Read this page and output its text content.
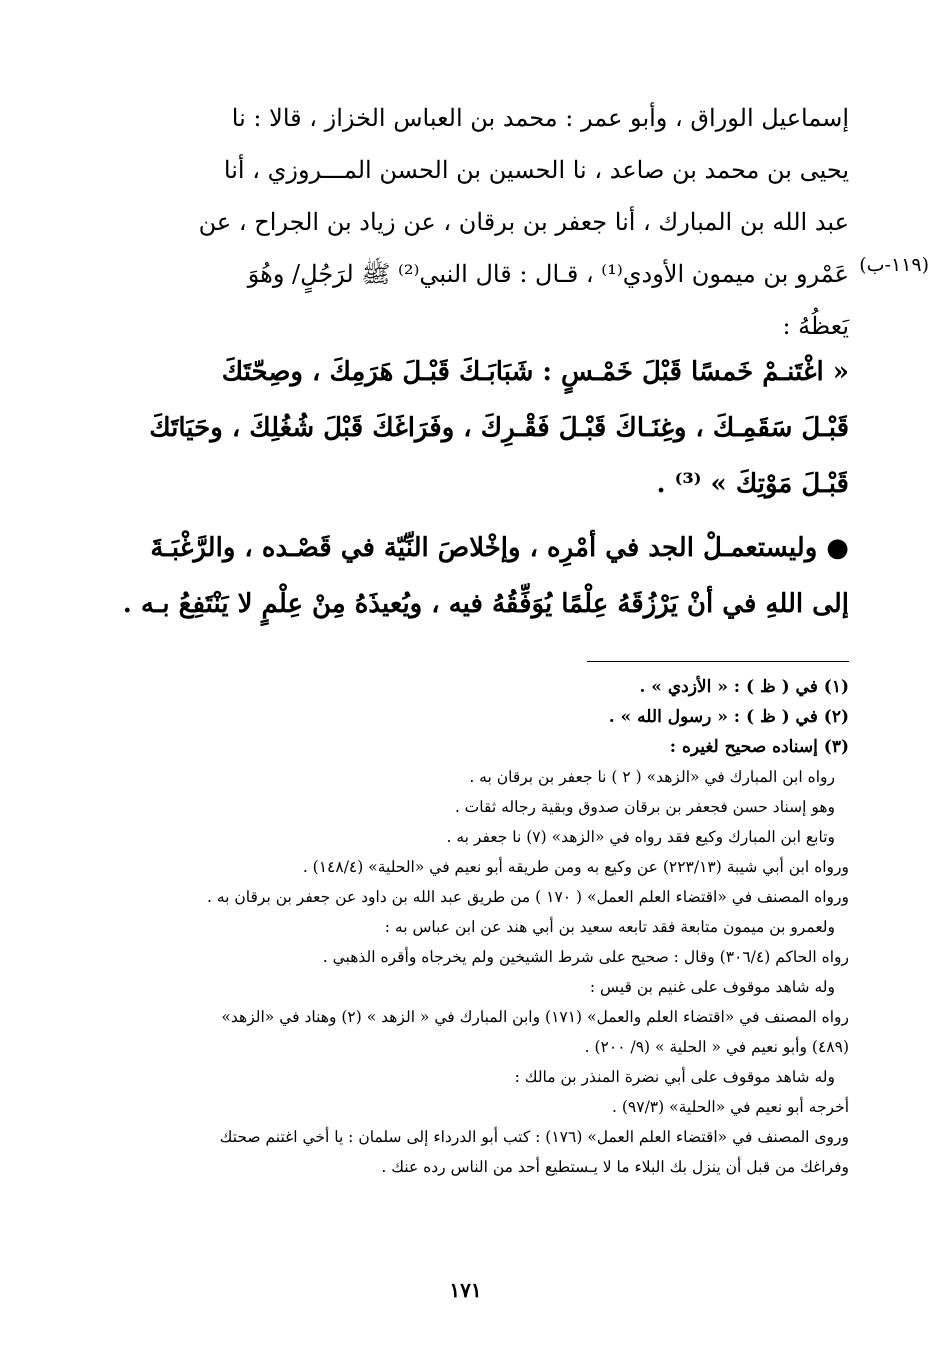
إسماعيل الوراق ، وأبو عمر : محمد بن العباس الخزاز ، قالا : نا
يحيى بن محمد بن صاعد ، نا الحسين بن الحسن المـــروزي ، أنا
عبد الله بن المبارك ، أنا جعفر بن برقان ، عن زياد بن الجراح ، عن
عَمْرو بن ميمون الأودي⁽¹⁾ ، قـال : قال النبي⁽²⁾ ﷺ لرَجُلٍ/ وهُوَ
يَعظُهُ :
(١١٩-ب)
« اغْتَنـمْ خَمسًا قَبْلَ خَمْـسٍ : شَبَابَـكَ قَبْـلَ هَرَمِكَ ، وصِحّتَكَ
قَبْـلَ سَقَمِـكَ ، وغِنَـاكَ قَبْـلَ فَقْـرِكَ ، وفَرَاغَكَ قَبْلَ شُغُلِكَ ، وحَيَاتَكَ
قَبْـلَ مَوْتِكَ » ⁽³⁾ .
● وليستعمـلْ الجد في أمْرِه ، وإخْلاصَ النِّيّة في قَصْـده ، والرَّغْبَـةَ
إلى اللهِ في أنْ يَرْزُقَهُ عِلْمًا يُوَفِّقُهُ فيه ، ويُعيذَهُ مِنْ عِلْمٍ لا يَنْتَفِعُ بـه .
(١) في ( ظ ) : « الأزدي » .
(٢) في ( ظ ) : « رسول الله » .
(٣) إسناده صحيح لغيره :
رواه ابن المبارك في «الزهد» ( ٢ ) نا جعفر بن برقان به .
وهو إسناد حسن فجعفر بن برقان صدوق وبقية رجاله ثقات .
وتابع ابن المبارك وكيع فقد رواه في «الزهد» (٧) نا جعفر به .
ورواه ابن أبي شيبة (٢٢٣/١٣) عن وكيع به ومن طريقه أبو نعيم في «الحلية» (١٤٨/٤) .
ورواه المصنف في «اقتضاء العلم العمل» ( ١٧٠ ) من طريق عبد الله بن داود عن جعفر بن برقان به .
ولعمرو بن ميمون متابعة فقد تابعه سعيد بن أبي هند عن ابن عباس به :
رواه الحاكم (٣٠٦/٤) وقال : صحيح على شرط الشيخين ولم يخرجاه وأقره الذهبي .
وله شاهد موقوف على غنيم بن قيس :
رواه المصنف في «اقتضاء العلم والعمل» (١٧١) وابن المبارك في « الزهد » (٢) وهناد في «الزهد»
(٤٨٩) وأبو نعيم في « الحلية » (٩/ ٢٠٠) .
وله شاهد موقوف على أبي نضرة المنذر بن مالك :
أخرجه أبو نعيم في «الحلية» (٩٧/٣) .
وروى المصنف في «اقتضاء العلم العمل» (١٧٦) : كتب أبو الدرداء إلى سلمان : يا أخي اغتنم صحتك
وفراغك من قبل أن ينزل بك البلاء ما لا يـستطيع أحد من الناس رده عنك .
١٧١
